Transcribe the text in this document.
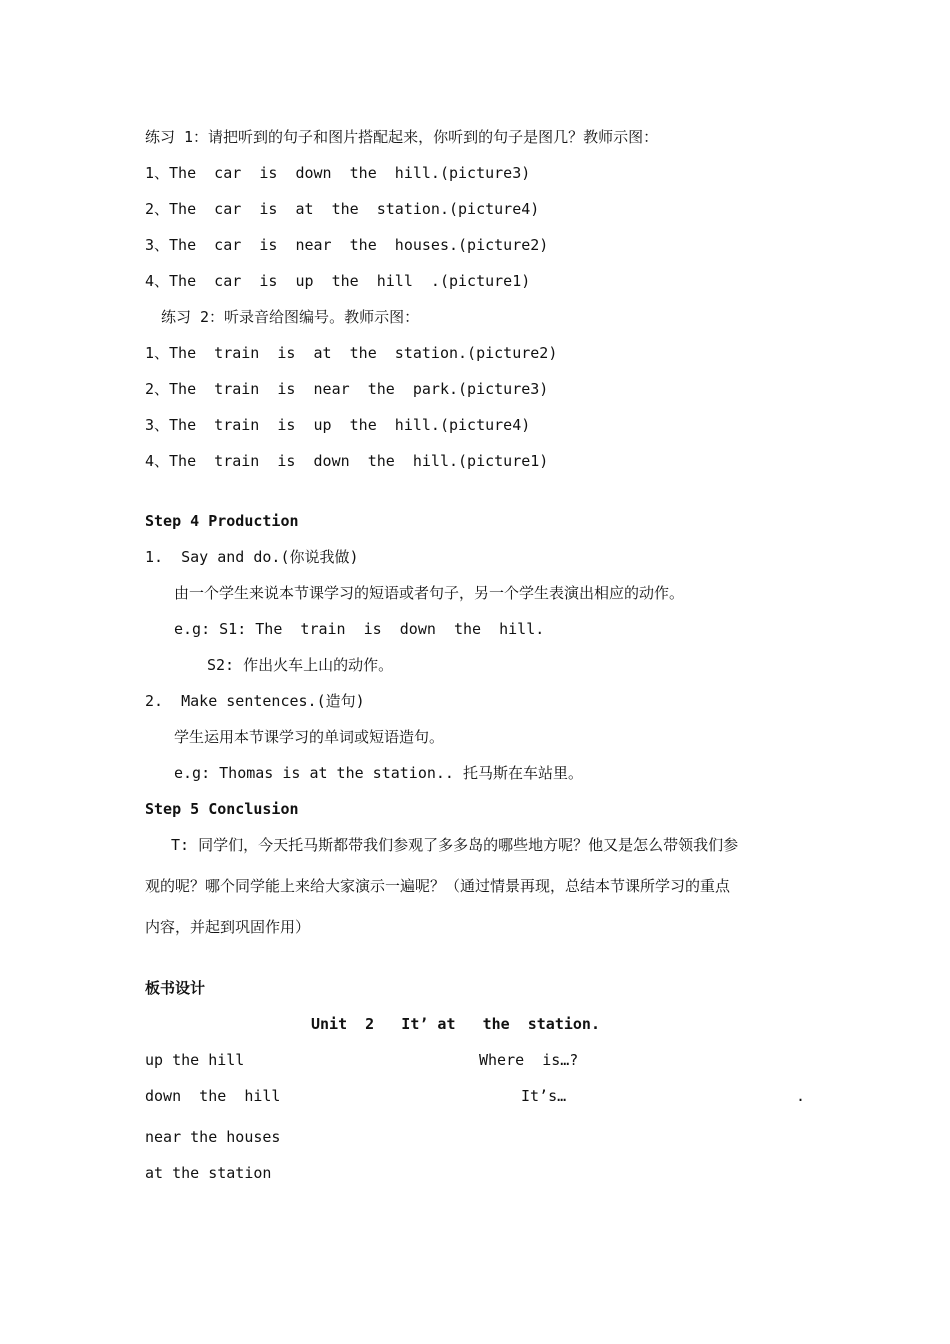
练习 1：请把听到的句子和图片搭配起来，你听到的句子是图几？教师示图：
1、The  car  is  down  the  hill.(picture3)
2、The  car  is  at  the  station.(picture4)
3、The  car  is  near  the  houses.(picture2)
4、The  car  is  up  the  hill  .(picture1)
练习 2：听录音给图编号。教师示图：
1、The  train  is  at  the  station.(picture2)
2、The  train  is  near  the  park.(picture3)
3、The  train  is  up  the  hill.(picture4)
4、The  train  is  down  the  hill.(picture1)
Step 4 Production
1.  Say and do.(你说我做)
由一个学生来说本节课学习的短语或者句子，另一个学生表演出相应的动作。
e.g: S1: The  train  is  down  the  hill.
S2: 作出火车上山的动作。
2.  Make sentences.(造句)
学生运用本节课学习的单词或短语造句。
e.g: Thomas is at the station.. 托马斯在车站里。
Step 5 Conclusion
T: 同学们，今天托马斯都带我们参观了多多岛的哪些地方呢？他又是怎么带领我们参
观的呢？哪个同学能上来给大家演示一遍呢？（通过情景再现，总结本节课所学习的重点
内容，并起到巩固作用）
板书设计
Unit  2   It’ at   the  station.
up the hill	Where  is…?
down  the  hill	It’s…	.
near the houses
at the station
